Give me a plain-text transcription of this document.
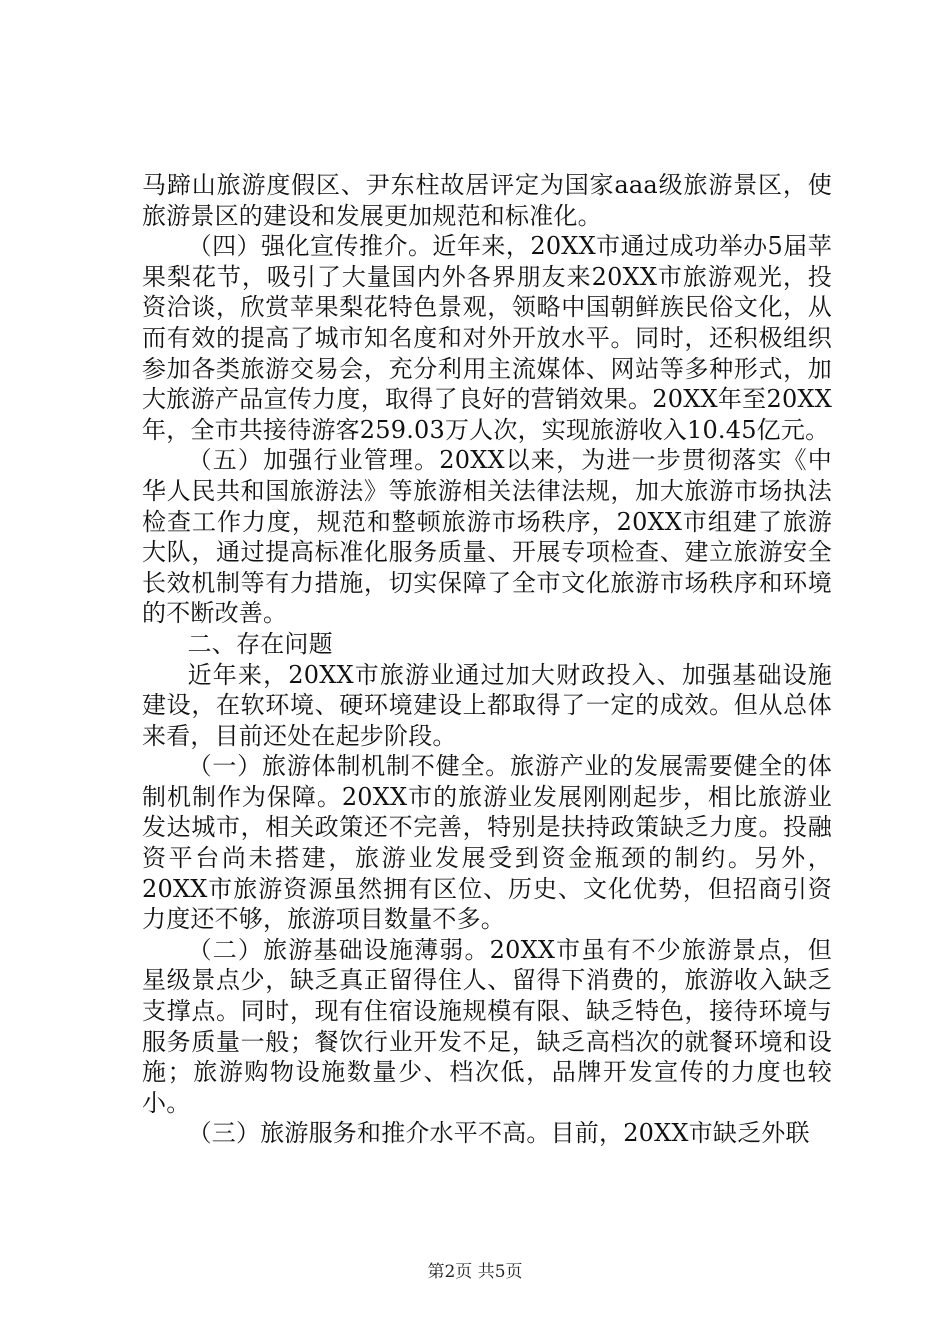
马蹄山旅游度假区、尹东柱故居评定为国家aaa级旅游景区，使旅游景区的建设和发展更加规范和标准化。

（四）强化宣传推介。近年来，20XX市通过成功举办5届苹果梨花节，吸引了大量国内外各界朋友来20XX市旅游观光，投资洽谈，欣赏苹果梨花特色景观，领略中国朝鲜族民俗文化，从而有效的提高了城市知名度和对外开放水平。同时，还积极组织参加各类旅游交易会，充分利用主流媒体、网站等多种形式，加大旅游产品宣传力度，取得了良好的营销效果。20XX年至20XX年，全市共接待游客259.03万人次，实现旅游收入10.45亿元。

（五）加强行业管理。20XX以来，为进一步贯彻落实《中华人民共和国旅游法》等旅游相关法律法规，加大旅游市场执法检查工作力度，规范和整顿旅游市场秩序，20XX市组建了旅游大队，通过提高标准化服务质量、开展专项检查、建立旅游安全长效机制等有力措施，切实保障了全市文化旅游市场秩序和环境的不断改善。

二、存在问题

近年来，20XX市旅游业通过加大财政投入、加强基础设施建设，在软环境、硬环境建设上都取得了一定的成效。但从总体来看，目前还处在起步阶段。

（一）旅游体制机制不健全。旅游产业的发展需要健全的体制机制作为保障。20XX市的旅游业发展刚刚起步，相比旅游业发达城市，相关政策还不完善，特别是扶持政策缺乏力度。投融资平台尚未搭建，旅游业发展受到资金瓶颈的制约。另外，20XX市旅游资源虽然拥有区位、历史、文化优势，但招商引资力度还不够，旅游项目数量不多。

（二）旅游基础设施薄弱。20XX市虽有不少旅游景点，但星级景点少，缺乏真正留得住人、留得下消费的，旅游收入缺乏支撑点。同时，现有住宿设施规模有限、缺乏特色，接待环境与服务质量一般；餐饮行业开发不足，缺乏高档次的就餐环境和设施；旅游购物设施数量少、档次低，品牌开发宣传的力度也较小。

（三）旅游服务和推介水平不高。目前，20XX市缺乏外联

第2页 共5页
